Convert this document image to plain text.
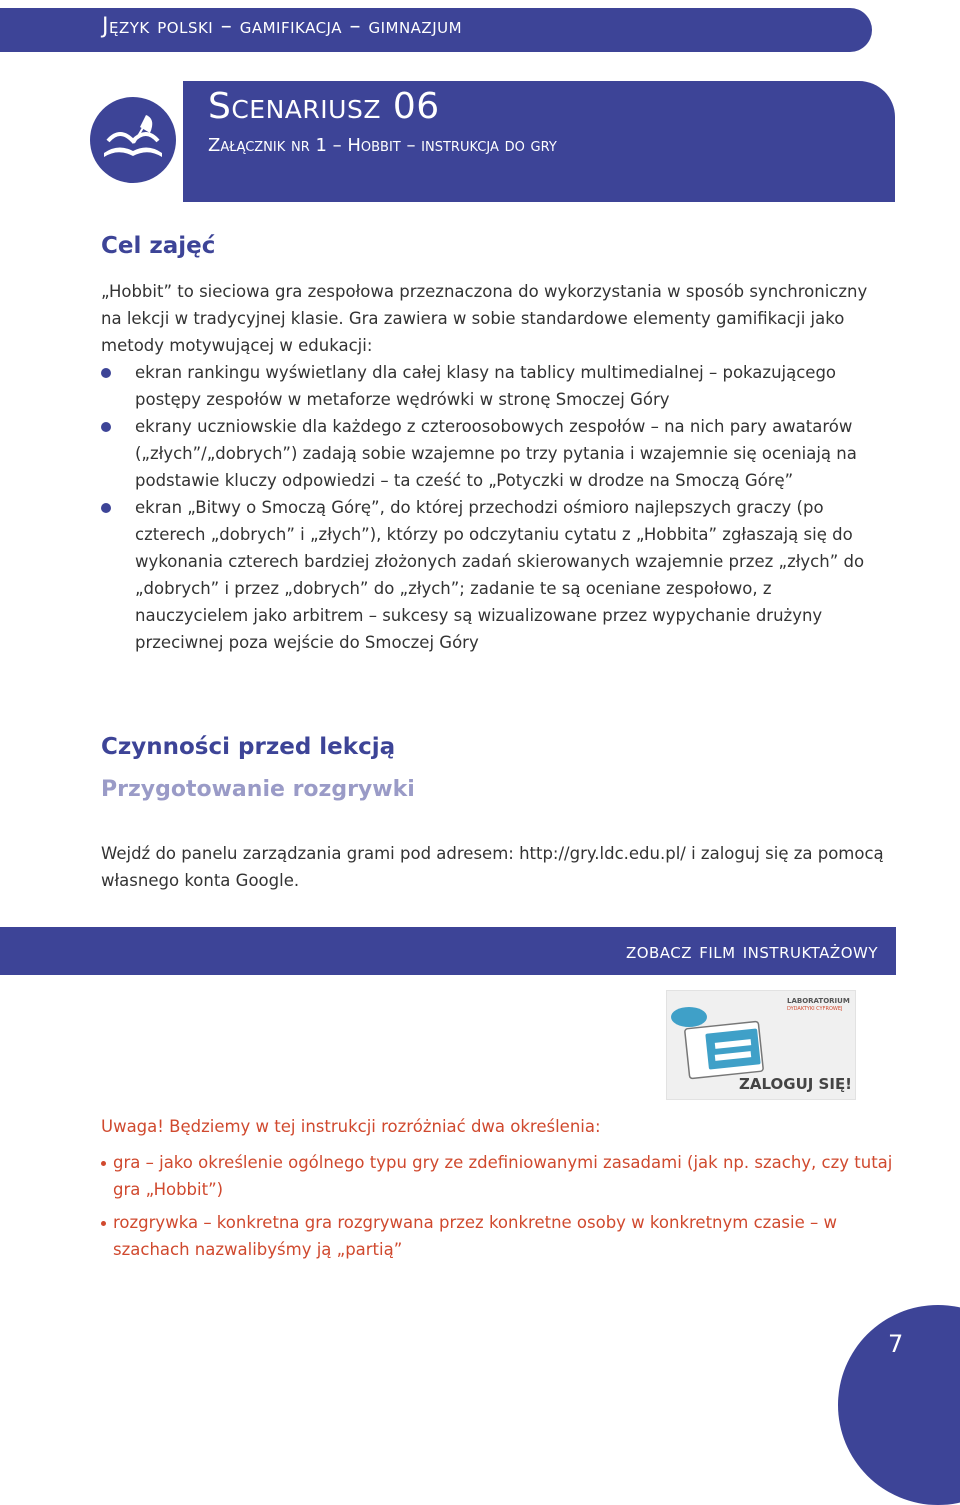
Język polski – gamifikacja – gimnazjum
Scenariusz 06
Załącznik nr 1 – Hobbit – instrukcja do gry
Cel zajęć
„Hobbit” to sieciowa gra zespołowa przeznaczona do wykorzystania w sposób synchroniczny na lekcji w tradycyjnej klasie. Gra zawiera w sobie standardowe elementy gamifikacji jako metody motywującej w edukacji:
ekran rankingu wyświetlany dla całej klasy na tablicy multimedialnej – pokazującego postępy zespołów w metaforze wędrówki w stronę Smoczej Góry
ekrany uczniowskie dla każdego z czteroosobowych zespołów – na nich pary awatarów („złych”/„dobrych”) zadają sobie wzajemne po trzy pytania i wzajemnie się oceniają na podstawie kluczy odpowiedzi – ta cześć to „Potyczki w drodze na Smoczą Górę”
ekran „Bitwy o Smoczą Górę”, do której przechodzi ośmioro najlepszych graczy (po czterech „dobrych” i „złych”), którzy po odczytaniu cytatu z „Hobbita” zgłaszają się do wykonania czterech bardziej złożonych zadań skierowanych wzajemnie przez „złych” do „dobrych” i przez „dobrych” do „złych”; zadanie te są oceniane zespołowo, z nauczycielem jako arbitrem – sukcesy są wizualizowane przez wypychanie drużyny przeciwnej poza wejście do Smoczej Góry
Czynności przed lekcją
Przygotowanie rozgrywki
Wejdź do panelu zarządzania grami pod adresem: http://gry.ldc.edu.pl/ i zaloguj się za pomocą własnego konta Google.
zobacz film instruktażowy
LABORATORIUM
DYDAKTYKI CYFROWEJ
ZALOGUJ SIĘ!
Uwaga! Będziemy w tej instrukcji rozróżniać dwa określenia:
gra – jako określenie ogólnego typu gry ze zdefiniowanymi zasadami (jak np. szachy, czy tutaj gra „Hobbit”)
rozgrywka – konkretna gra rozgrywana przez konkretne osoby w konkretnym czasie – w szachach nazwalibyśmy ją „partią”
7
